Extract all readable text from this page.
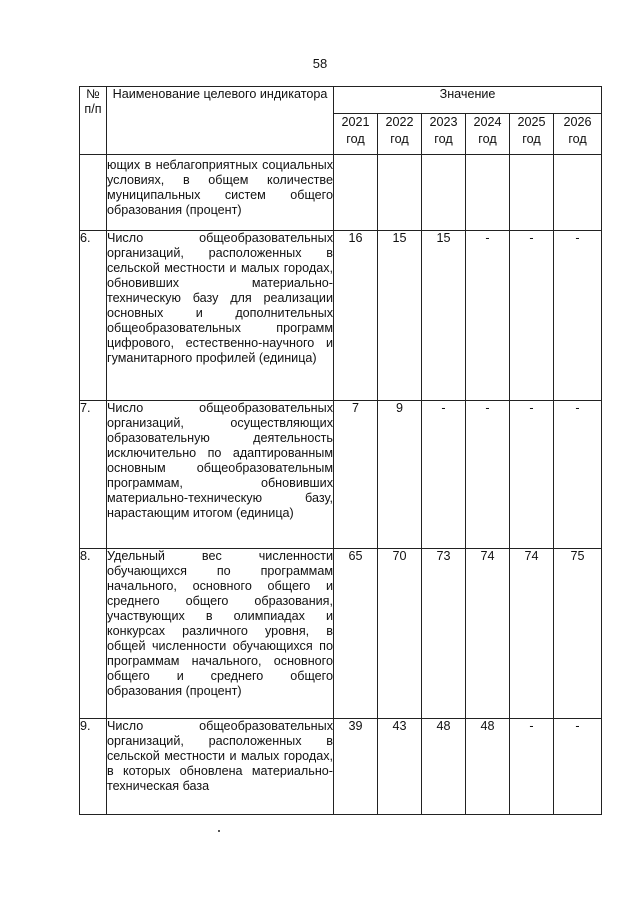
58
№ п/п	Наименование целевого индикатора	Значение					
		2021 год	2022 год	2023 год	2024 год	2025 год	2026 год
	ющих в неблагоприятных социальных условиях, в общем количестве муниципальных систем общего образования (процент)						
6.	Число общеобразовательных организаций, расположенных в сельской местности и малых городах, обновивших материально-техническую базу для реализации основных и дополнительных общеобразовательных программ цифрового, естественно-научного и гуманитарного профилей (единица)	16	15	15	-	-	-
7.	Число общеобразовательных организаций, осуществляющих образовательную деятельность исключительно по адаптированным основным общеобразовательным программам, обновивших материально-техническую базу, нарастающим итогом (единица)	7	9	-	-	-	-
8.	Удельный вес численности обучающихся по программам начального, основного общего и среднего общего образования, участвующих в олимпиадах и конкурсах различного уровня, в общей численности обучающихся по программам начального, основного общего и среднего общего образования (процент)	65	70	73	74	74	75
9.	Число общеобразовательных организаций, расположенных в сельской местности и малых городах, в которых обновлена материально-техническая база	39	43	48	48	-	-
